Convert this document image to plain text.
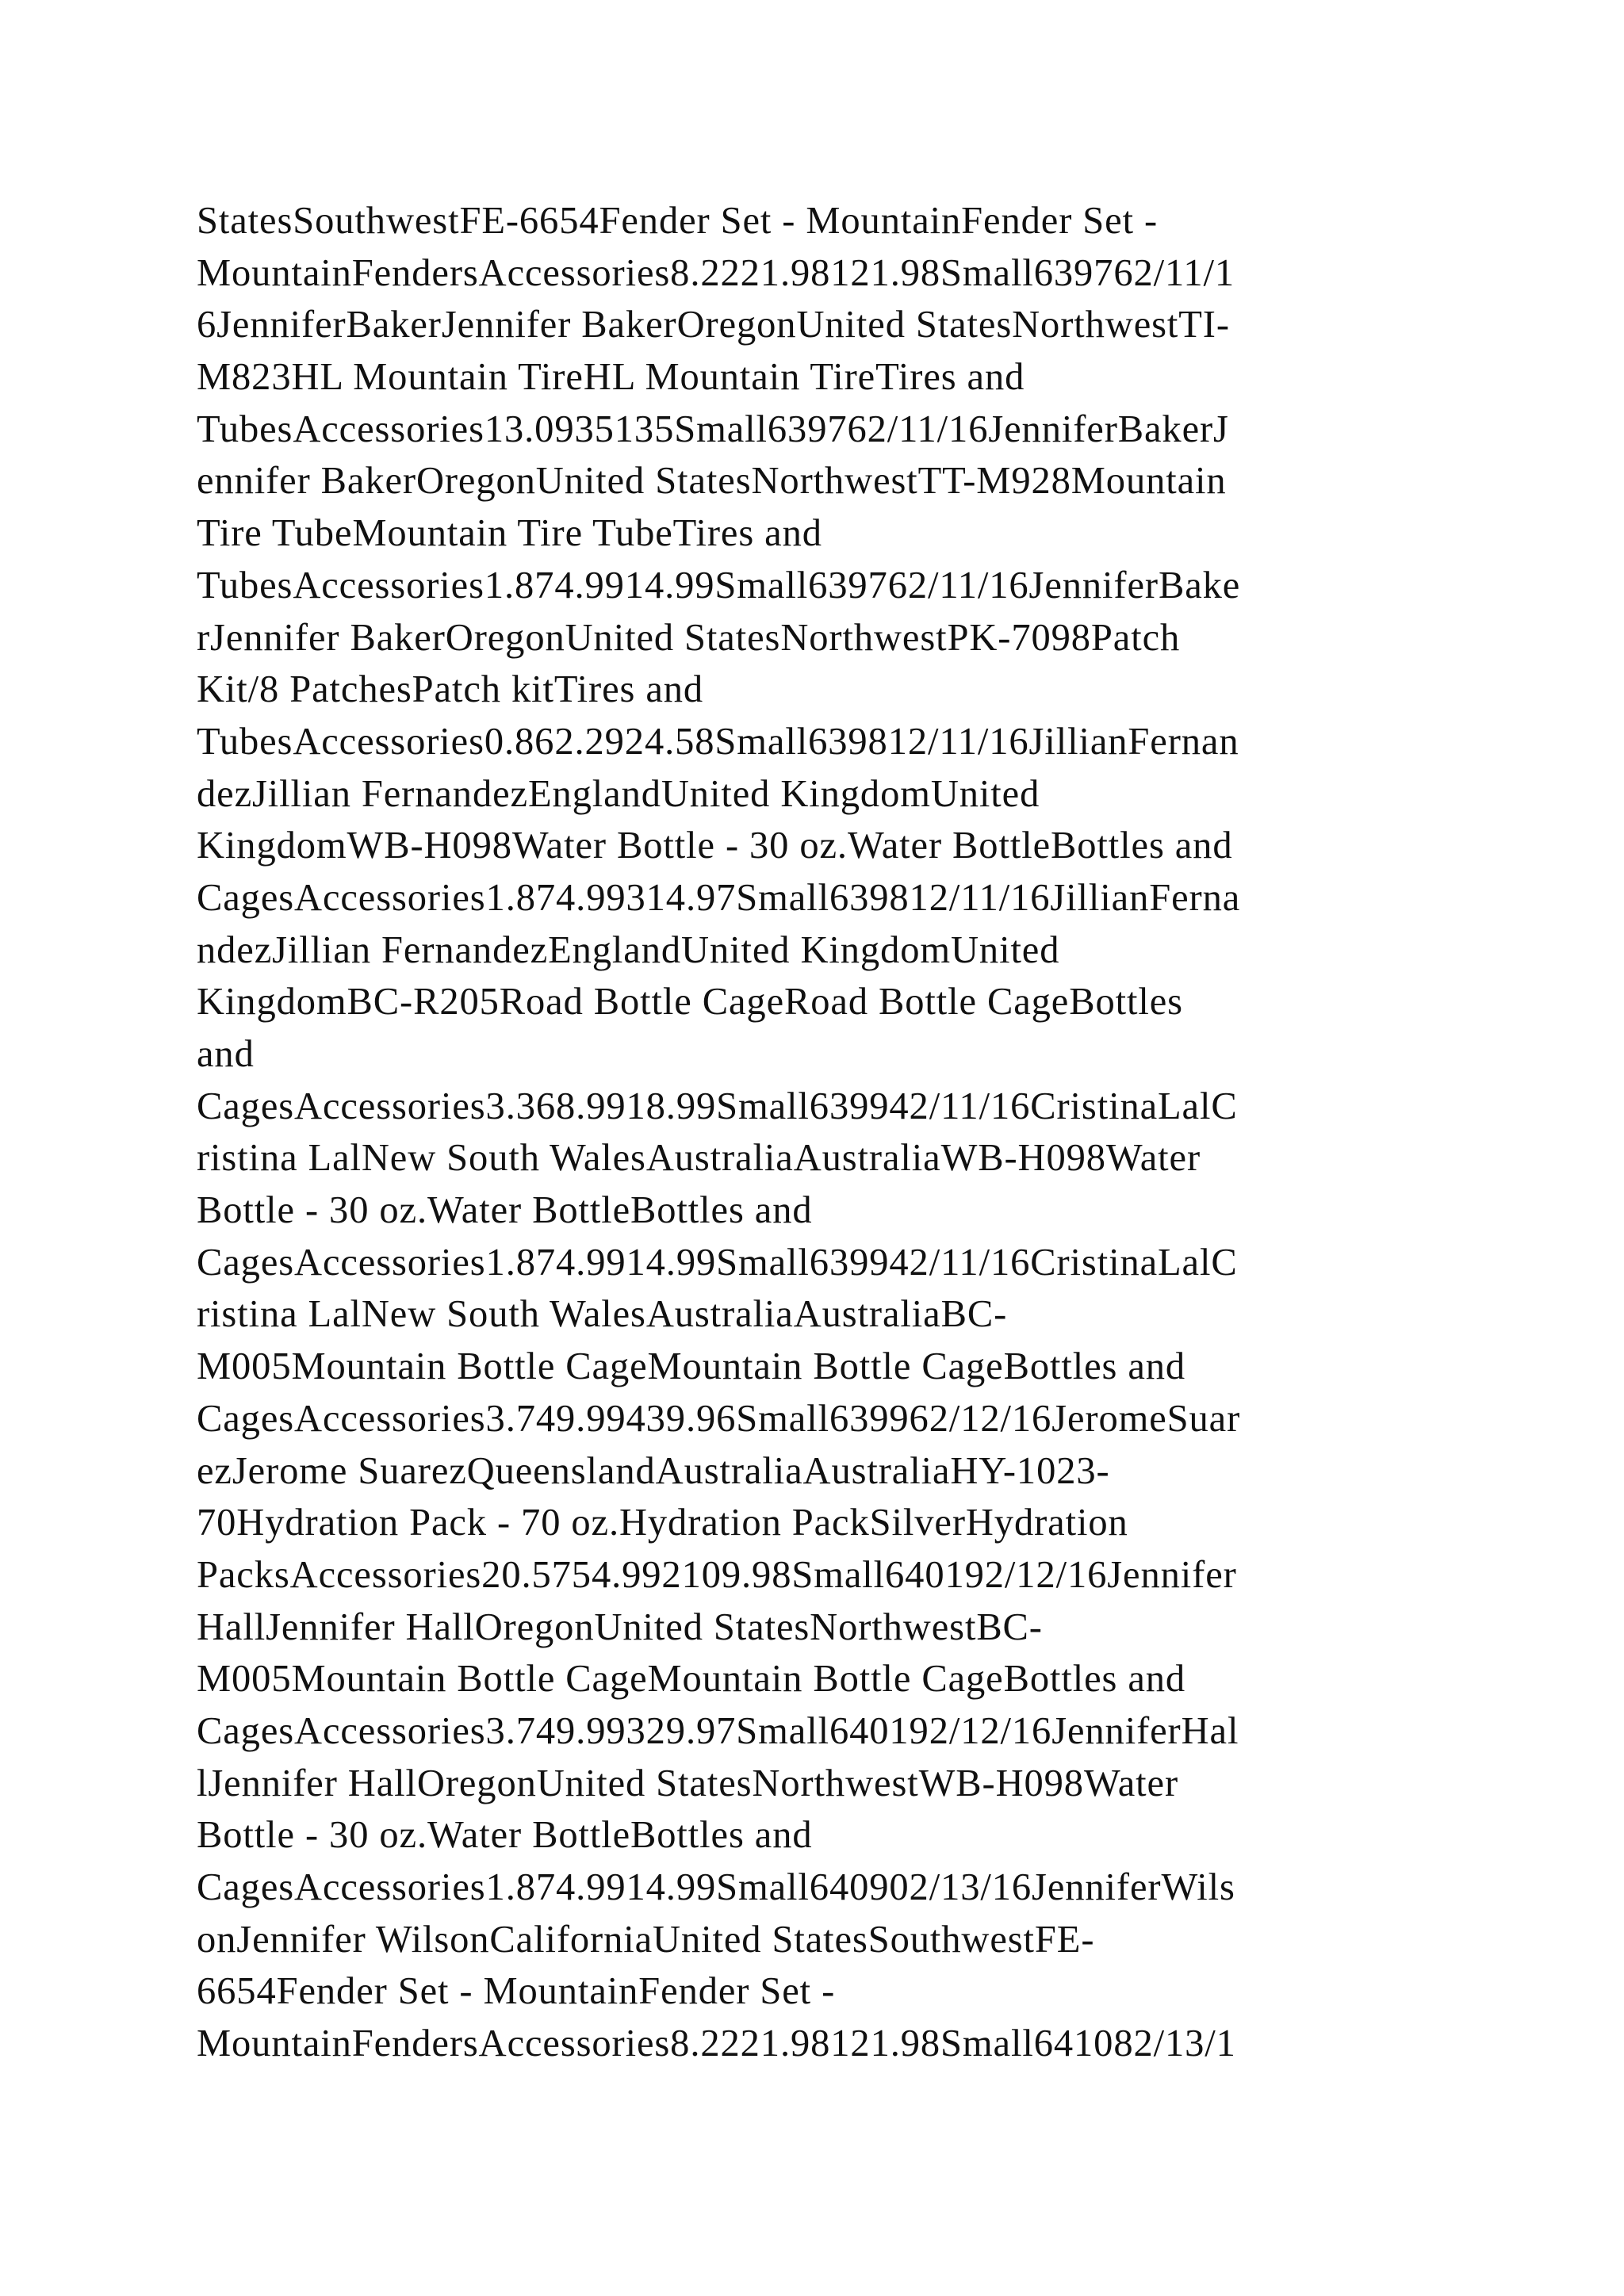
StatesSouthwestFE-6654Fender Set - MountainFender Set -
MountainFendersAccessories8.2221.98121.98Small639762/11/1
6JenniferBakerJennifer BakerOregonUnited StatesNorthwestTI-
M823HL Mountain TireHL Mountain TireTires and
TubesAccessories13.0935135Small639762/11/16JenniferBakerJ
ennifer BakerOregonUnited StatesNorthwestTT-M928Mountain
Tire TubeMountain Tire TubeTires and
TubesAccessories1.874.9914.99Small639762/11/16JenniferBake
rJennifer BakerOregonUnited StatesNorthwestPK-7098Patch
Kit/8 PatchesPatch kitTires and
TubesAccessories0.862.2924.58Small639812/11/16JillianFernan
dezJillian FernandezEnglandUnited KingdomUnited
KingdomWB-H098Water Bottle - 30 oz.Water BottleBottles and
CagesAccessories1.874.99314.97Small639812/11/16JillianFerna
ndezJillian FernandezEnglandUnited KingdomUnited
KingdomBC-R205Road Bottle CageRoad Bottle CageBottles
and
CagesAccessories3.368.9918.99Small639942/11/16CristinaLalC
ristina LalNew South WalesAustraliaAustraliaWB-H098Water
Bottle - 30 oz.Water BottleBottles and
CagesAccessories1.874.9914.99Small639942/11/16CristinaLalC
ristina LalNew South WalesAustraliaAustraliaBC-
M005Mountain Bottle CageMountain Bottle CageBottles and
CagesAccessories3.749.99439.96Small639962/12/16JeromeSuar
ezJerome SuarezQueenslandAustraliaAustraliaHY-1023-
70Hydration Pack - 70 oz.Hydration PackSilverHydration
PacksAccessories20.5754.992109.98Small640192/12/16Jennifer
HallJennifer HallOregonUnited StatesNorthwestBC-
M005Mountain Bottle CageMountain Bottle CageBottles and
CagesAccessories3.749.99329.97Small640192/12/16JenniferHal
lJennifer HallOregonUnited StatesNorthwestWB-H098Water
Bottle - 30 oz.Water BottleBottles and
CagesAccessories1.874.9914.99Small640902/13/16JenniferWils
onJennifer WilsonCaliforniaUnited StatesSouthwestFE-
6654Fender Set - MountainFender Set -
MountainFendersAccessories8.2221.98121.98Small641082/13/1
